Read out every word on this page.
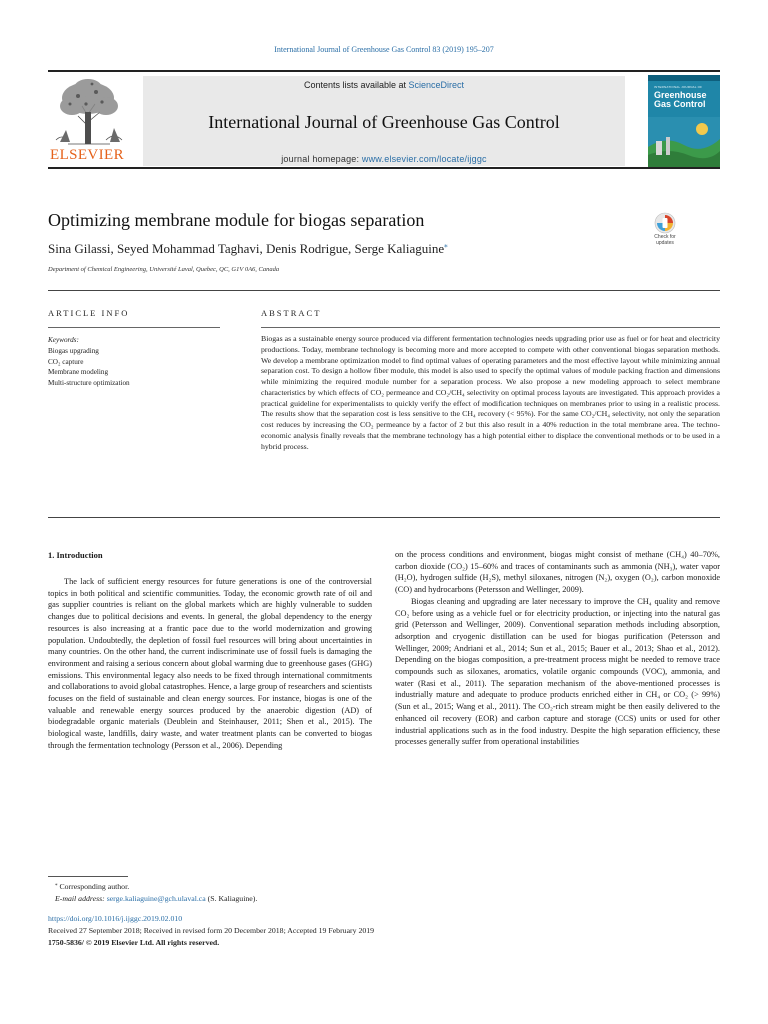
International Journal of Greenhouse Gas Control 83 (2019) 195–207
ELSEVIER
Contents lists available at ScienceDirect
International Journal of Greenhouse Gas Control
journal homepage: www.elsevier.com/locate/ijggc
INTERNATIONAL JOURNAL OF
Greenhouse Gas Control
Optimizing membrane module for biogas separation
Check for updates
Sina Gilassi, Seyed Mohammad Taghavi, Denis Rodrigue, Serge Kaliaguine⁎
Department of Chemical Engineering, Université Laval, Quebec, QC, G1V 0A6, Canada
ARTICLE INFO	ABSTRACT
Keywords:
Biogas upgrading
CO₂ capture
Membrane modeling
Multi-structure optimization
Biogas as a sustainable energy source produced via different fermentation technologies needs upgrading prior use as fuel or for heat and electricity productions. Today, membrane technology is becoming more and more accepted to compete with other conventional biogas separation methods. We develop a membrane optimization model to find optimal values of operating parameters and the most effective layout while minimizing annual separation cost. To design a hollow fiber module, this model is also used to specify the optimal values of module packing fraction and dimensions while minimizing the required module number for a separation process. We also propose a new modeling approach to select membrane characteristics by which effects of CO₂ permeance and CO₂/CH₄ selectivity on optimal process layouts are investigated. This approach provides a practical guideline for experimentalists to quickly verify the effect of modification techniques on membranes prior to using in a realistic process. The results show that the separation cost is less sensitive to the CH₄ recovery (< 95%). For the same CO₂/CH₄ selectivity, not only the separation cost reduces by increasing the CO₂ permeance by a factor of 2 but this also result in a 40% reduction in the total membrane area. The techno-economic analysis finally reveals that the membrane technology has a high potential either to displace the conventional methods or to be used in a hybrid process.
1. Introduction
The lack of sufficient energy resources for future generations is one of the controversial topics in both political and scientific communities. Today, the economic growth rate of oil and gas supplier countries is reliant on the global markets which are highly vulnerable to sudden changes due to political decisions and events. In general, the global dependency to the energy resources is also increasing at a frantic pace due to the world modernization and growing population. Undoubtedly, the depletion of fossil fuel resources will bring about uncertainties in many countries. On the other hand, the current indiscriminate use of fossil fuels is damaging the environment and raising a serious concern about global warming due to greenhouse gases (GHG) emissions. This environmental legacy also needs to be fixed through international commitments and collaborations to avoid global catastrophes. Hence, a large group of researchers and scientists focuses on the field of sustainable and clean energy sources. For instance, biogas is one of the valuable and renewable energy sources produced by the anaerobic digestion (AD) of biodegradable organic materials (Deublein and Steinhauser, 2011; Shen et al., 2015). The biological waste, landfills, dairy waste, and water treatment plants can be converted to biogas through the fermentation technology (Persson et al., 2006). Depending

on the process conditions and environment, biogas might consist of methane (CH₄) 40–70%, carbon dioxide (CO₂) 15–60% and traces of contaminants such as ammonia (NH₃), water vapor (H₂O), hydrogen sulfide (H₂S), methyl siloxanes, nitrogen (N₂), oxygen (O₂), carbon monoxide (CO) and hydrocarbons (Petersson and Wellinger, 2009).

Biogas cleaning and upgrading are later necessary to improve the CH₄ quality and remove CO₂ before using as a vehicle fuel or for electricity production, or injecting into the natural gas grid (Petersson and Wellinger, 2009). Conventional separation methods including absorption, adsorption and cryogenic distillation can be used for biogas purification (Petersson and Wellinger, 2009; Andriani et al., 2014; Sun et al., 2015; Bauer et al., 2013; Shao et al., 2012). Depending on the biogas composition, a pre-treatment process might be needed to remove trace compounds such as siloxanes, aromatics, volatile organic compounds (VOC), ammonia, and water (Rasi et al., 2011). The separation mechanism of the above-mentioned processes is industrially mature and adequate to produce products enriched either in CH₄ or CO₂ (> 99%) (Sun et al., 2015; Wang et al., 2011). The CO₂-rich stream might be then easily delivered to the enhanced oil recovery (EOR) and carbon capture and storage (CCS) units or used for other industrial applications such as in the food industry. Despite the high separation efficiency, these processes generally suffer from operational instabilities

⁎ Corresponding author.
E-mail address: serge.kaliaguine@gch.ulaval.ca (S. Kaliaguine).
https://doi.org/10.1016/j.ijggc.2019.02.010
Received 27 September 2018; Received in revised form 20 December 2018; Accepted 19 February 2019
1750-5836/ © 2019 Elsevier Ltd. All rights reserved.
